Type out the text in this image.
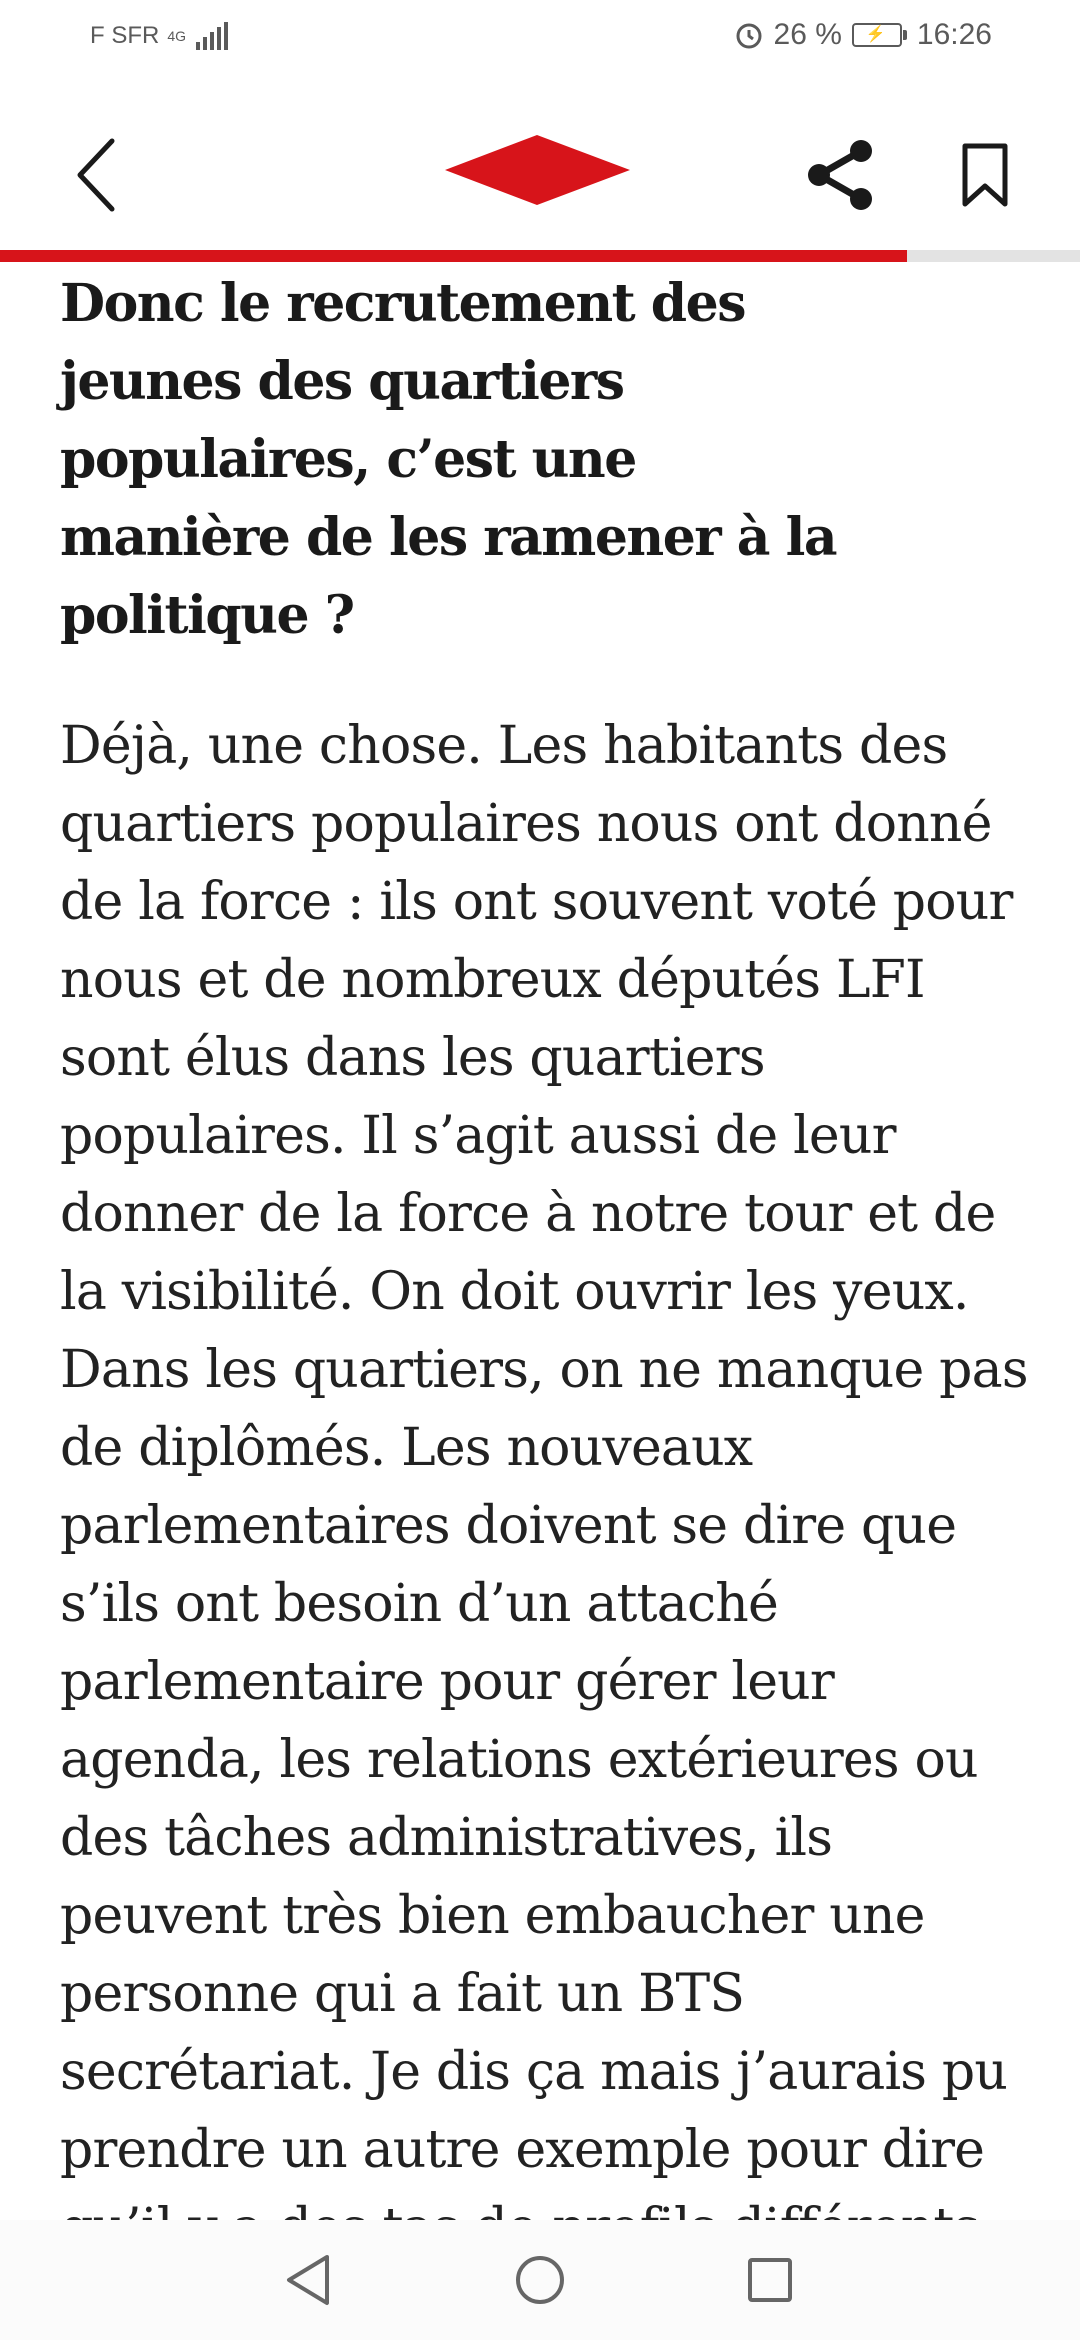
F SFR 4G	26 % ⚡ 16:26

Donc le recrutement des jeunes des quartiers populaires, c’est une manière de les ramener à la politique ?

Déjà, une chose. Les habitants des quartiers populaires nous ont donné de la force : ils ont souvent voté pour nous et de nombreux députés LFI sont élus dans les quartiers populaires. Il s’agit aussi de leur donner de la force à notre tour et de la visibilité. On doit ouvrir les yeux. Dans les quartiers, on ne manque pas de diplômés. Les nouveaux parlementaires doivent se dire que s’ils ont besoin d’un attaché parlementaire pour gérer leur agenda, les relations extérieures ou des tâches administratives, ils peuvent très bien embaucher une personne qui a fait un BTS secrétariat. Je dis ça mais j’aurais pu prendre un autre exemple pour dire
